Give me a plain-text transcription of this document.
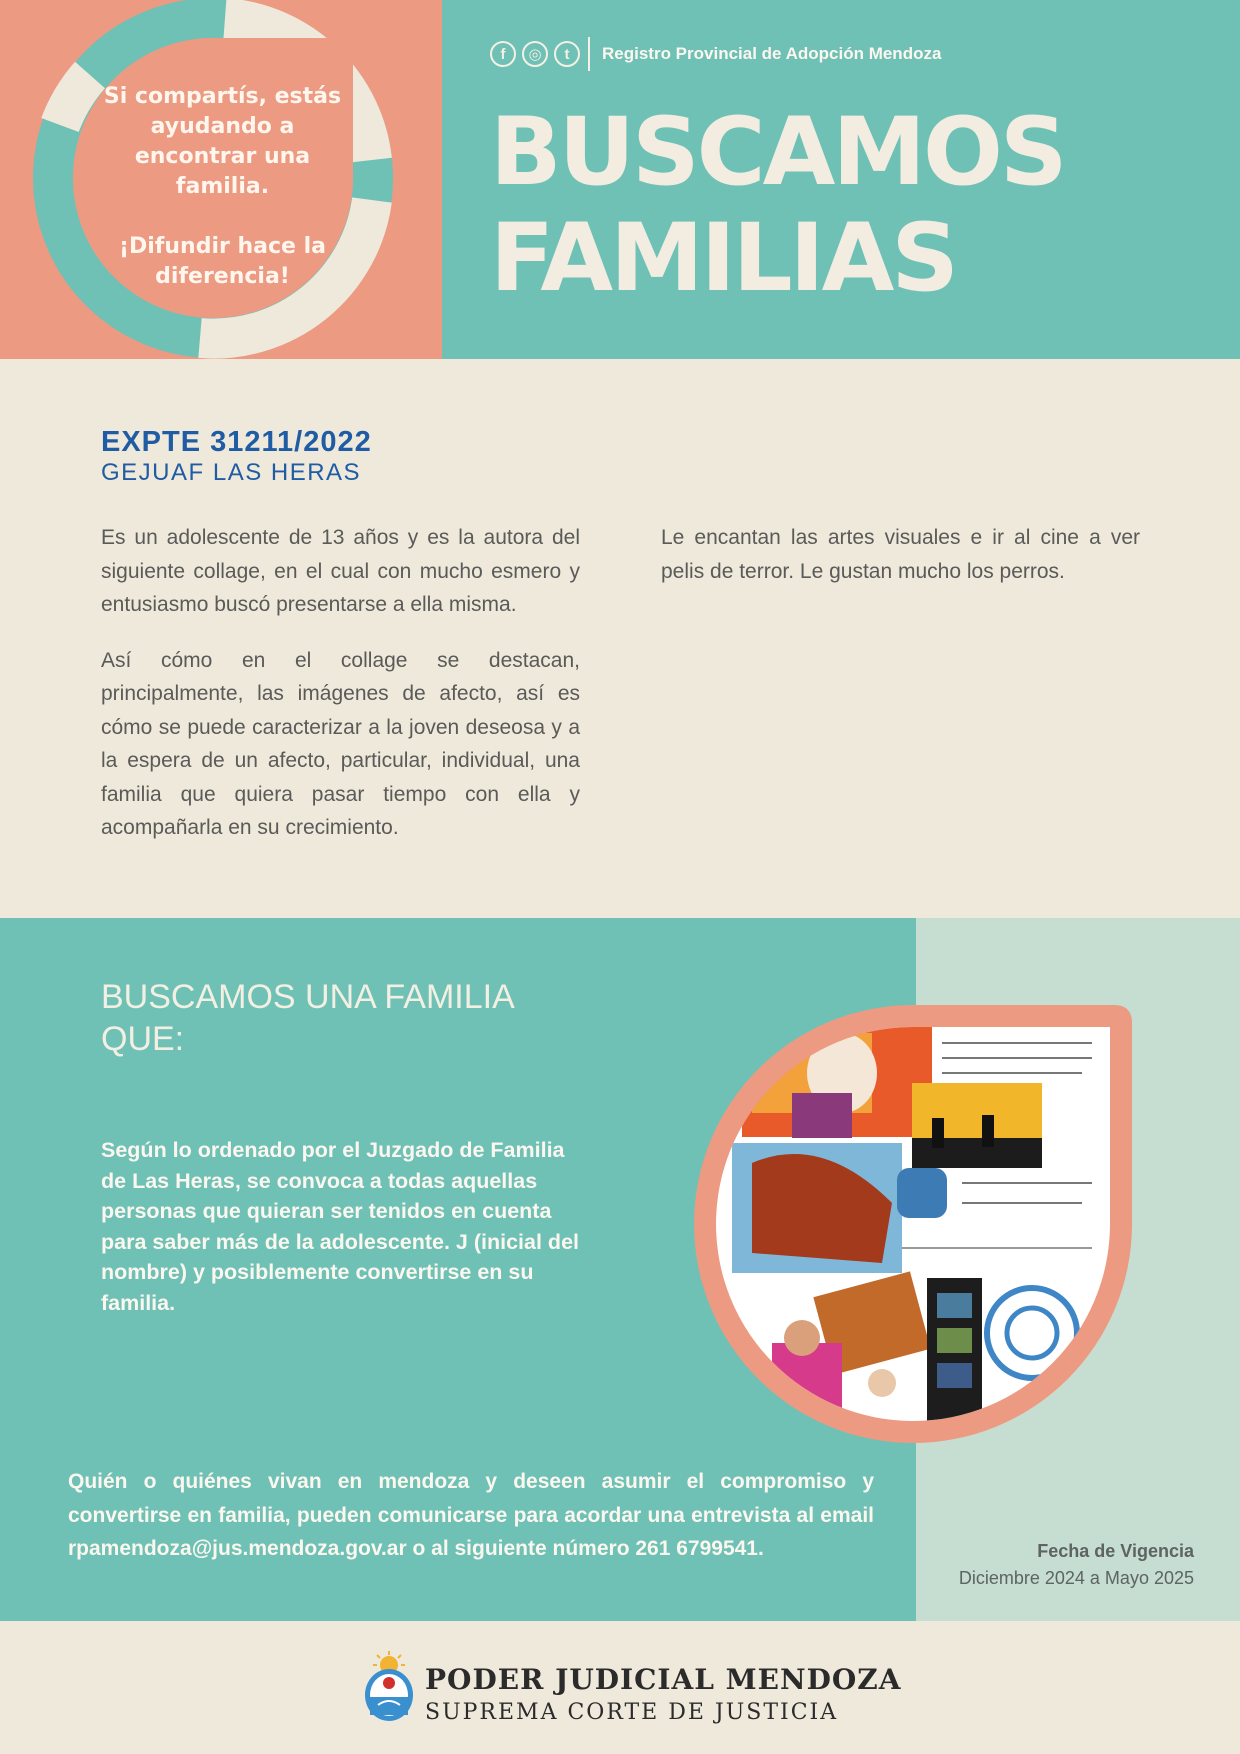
Si compartís, estás ayudando a encontrar una familia.

¡Difundir hace la diferencia!

f	◎	t	Registro Provincial de Adopción Mendoza
BUSCAMOS
FAMILIAS
EXPTE 31211/2022
GEJUAF LAS HERAS

Es un adolescente de 13 años y es la autora del siguiente collage, en el cual con mucho esmero y entusiasmo buscó presentarse a ella misma.

Así cómo en el collage se destacan, principalmente, las imágenes de afecto, así es cómo se puede caracterizar a la joven deseosa y a la espera de un afecto, particular, individual, una familia que quiera pasar tiempo con ella y acompañarla en su crecimiento.

Le encantan las artes visuales e ir al cine a ver pelis de terror. Le gustan mucho los perros.

BUSCAMOS UNA FAMILIA QUE:
Según lo ordenado por el Juzgado de Familia de Las Heras, se convoca a todas aquellas personas que quieran ser tenidos en cuenta para saber más de la adolescente. J (inicial del nombre) y posiblemente convertirse en su familia.
Quién o quiénes vivan en mendoza y deseen asumir el compromiso y convertirse en familia, pueden comunicarse para acordar una entrevista al email rpamendoza@jus.mendoza.gov.ar o al siguiente número 261 6799541.	Fecha de Vigencia
Diciembre 2024 a Mayo 2025
PODER JUDICIAL MENDOZA
SUPREMA CORTE DE JUSTICIA
